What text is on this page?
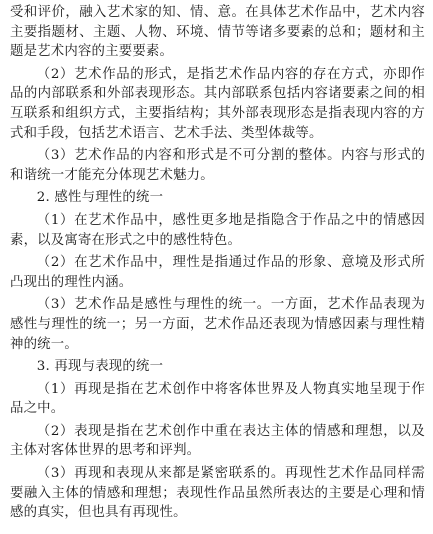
受和评价，融入艺术家的知、情、意。在具体艺术作品中，艺术内容主要指题材、主题、人物、环境、情节等诸多要素的总和；题材和主题是艺术内容的主要要素。

（2）艺术作品的形式，是指艺术作品内容的存在方式，亦即作品的内部联系和外部表现形态。其内部联系包括内容诸要素之间的相互联系和组织方式，主要指结构；其外部表现形态是指表现内容的方式和手段，包括艺术语言、艺术手法、类型体裁等。

（3）艺术作品的内容和形式是不可分割的整体。内容与形式的和谐统一才能充分体现艺术魅力。

2. 感性与理性的统一

（1）在艺术作品中，感性更多地是指隐含于作品之中的情感因素，以及寓寄在形式之中的感性特色。

（2）在艺术作品中，理性是指通过作品的形象、意境及形式所凸现出的理性内涵。

（3）艺术作品是感性与理性的统一。一方面，艺术作品表现为感性与理性的统一；另一方面，艺术作品还表现为情感因素与理性精神的统一。

3. 再现与表现的统一

（1）再现是指在艺术创作中将客体世界及人物真实地呈现于作品之中。

（2）表现是指在艺术创作中重在表达主体的情感和理想，以及主体对客体世界的思考和评判。

（3）再现和表现从来都是紧密联系的。再现性艺术作品同样需要融入主体的情感和理想；表现性作品虽然所表达的主要是心理和情感的真实，但也具有再现性。
